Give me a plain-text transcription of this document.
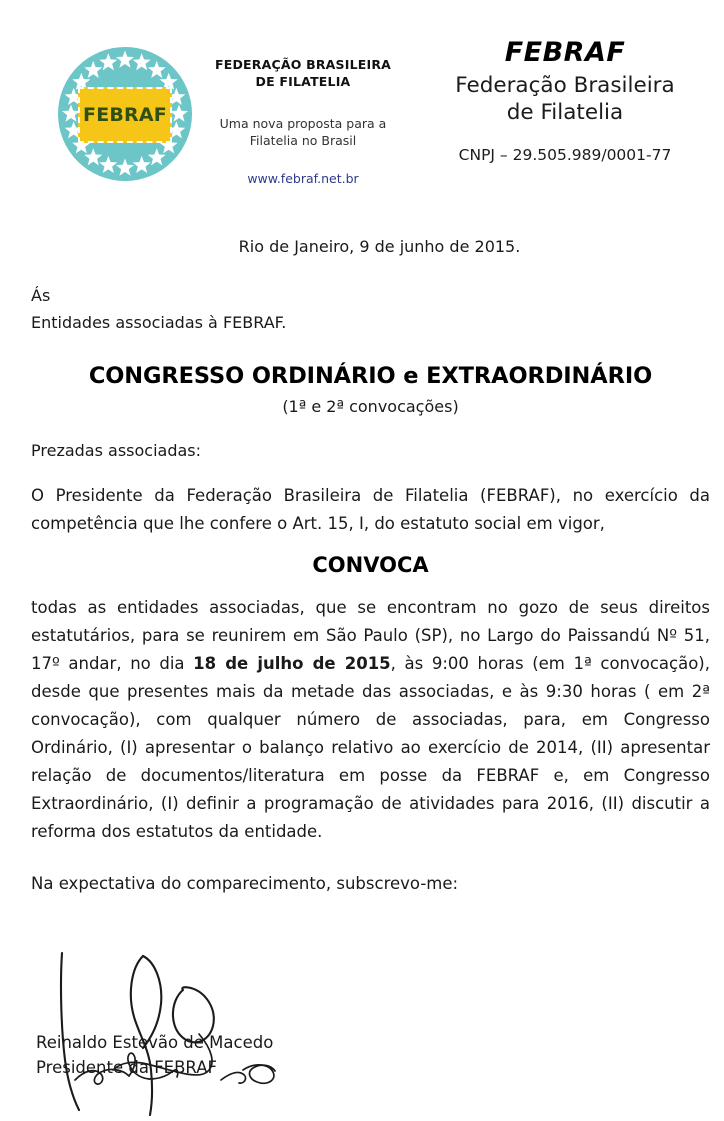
FEBRAF
FEDERAÇÃO BRASILEIRA
DE FILATELIA
Uma nova proposta para a
Filatelia no Brasil
www.febraf.net.br
FEBRAF
Federação Brasileira
de Filatelia
CNPJ – 29.505.989/0001-77
Rio de Janeiro, 9 de junho de 2015.
Ás
Entidades associadas à FEBRAF.
CONGRESSO ORDINÁRIO e EXTRAORDINÁRIO
(1ª e 2ª convocações)
Prezadas associadas:
O Presidente da Federação Brasileira de Filatelia (FEBRAF), no exercício da competência que lhe confere o Art. 15, I, do estatuto social em vigor,
CONVOCA
todas as entidades associadas, que se encontram no gozo de seus direitos estatutários, para se reunirem em São Paulo (SP), no Largo do Paissandú Nº 51, 17º andar, no dia 18 de julho de 2015, às 9:00 horas (em 1ª convocação), desde que presentes mais da metade das associadas, e às 9:30 horas ( em 2ª convocação), com qualquer número de associadas, para, em Congresso Ordinário, (I) apresentar o balanço relativo ao exercício de 2014, (II) apresentar relação de documentos/literatura em posse da FEBRAF e, em Congresso Extraordinário, (I) definir a programação de atividades para 2016, (II) discutir a reforma dos estatutos da entidade.
Na expectativa do comparecimento, subscrevo-me:
Reinaldo Estevão de Macedo
Presidente da FEBRAF
